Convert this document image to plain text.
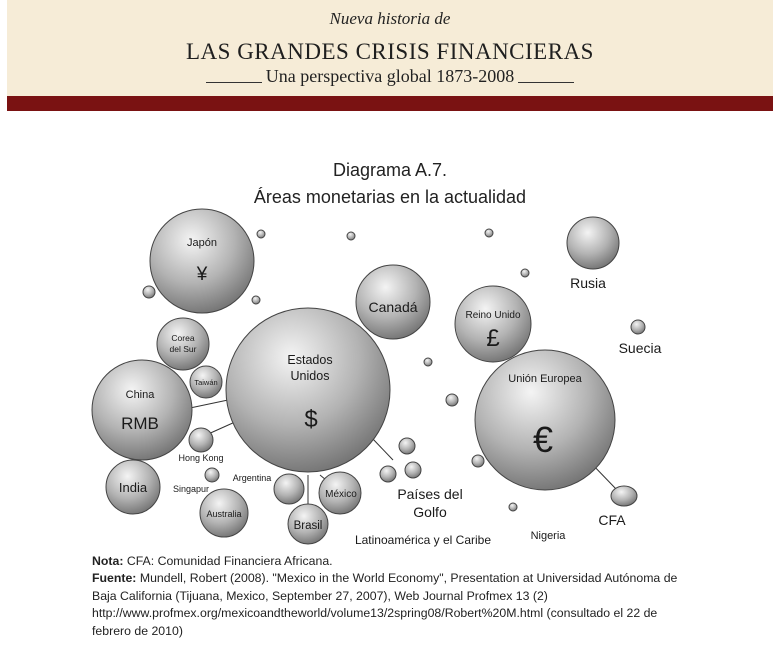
Nueva historia de
LAS GRANDES CRISIS FINANCIERAS
Una perspectiva global 1873-2008
Diagrama A.7.
Áreas monetarias en la actualidad
Japón
¥
Canadá
Rusia
Reino Unido
£	Suecia
Corea
del Sur
Taiwán
Estados
Unidos
$
Unión Europea
€
China
RMB
Hong Kong
India	Singapur
Australia
Argentina
México
Brasil
Países del
Golfo
Latinoamérica y el Caribe	Nigeria
CFA
Nota: CFA: Comunidad Financiera Africana.
Fuente: Mundell, Robert (2008). "Mexico in the World Economy", Presentation at Universidad Autónoma de Baja California (Tijuana, Mexico, September 27, 2007), Web Journal Profmex 13 (2) http://www.profmex.org/mexicoandtheworld/volume13/2spring08/Robert%20M.html (consultado el 22 de febrero de 2010)
